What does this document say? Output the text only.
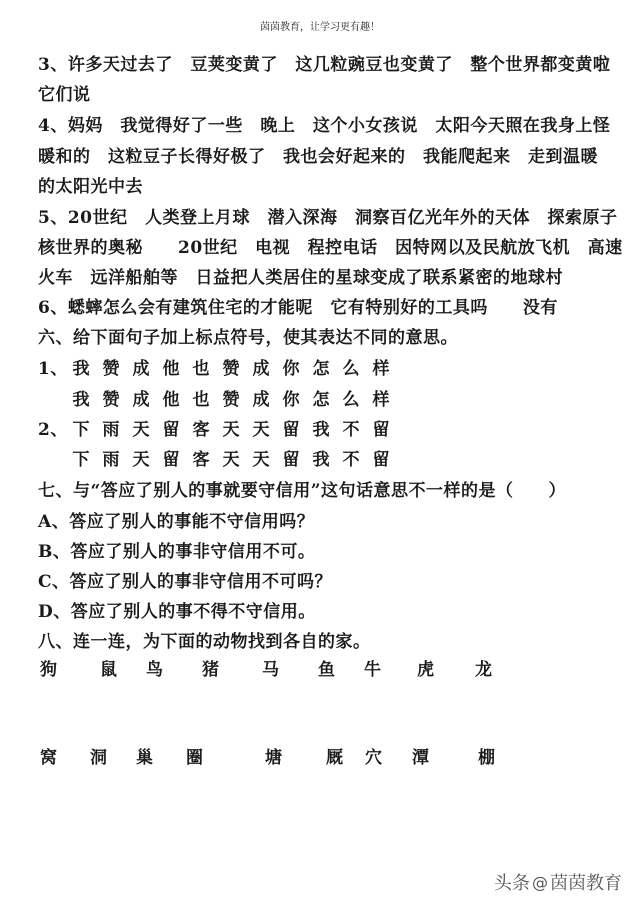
茵茵教育，让学习更有趣！
3、许多天过去了　豆荚变黄了　这几粒豌豆也变黄了　整个世界都变黄啦
它们说
4、妈妈　我觉得好了一些　晚上　这个小女孩说　太阳今天照在我身上怪
暖和的　这粒豆子长得好极了　我也会好起来的　我能爬起来　走到温暖
的太阳光中去
5、20世纪　人类登上月球　潜入深海　洞察百亿光年外的天体　探索原子
核世界的奥秘　　20世纪　电视　程控电话　因特网以及民航放飞机　高速
火车　远洋船舶等　日益把人类居住的星球变成了联系紧密的地球村
6、蟋蟀怎么会有建筑住宅的才能呢　它有特别好的工具吗　　没有
六、给下面句子加上标点符号，使其表达不同的意思。
1、 我 赞 成 他 也 赞 成 你 怎 么 样
我 赞 成 他 也 赞 成 你 怎 么 样
2、 下 雨 天 留 客 天 天 留 我 不 留
下 雨 天 留 客 天 天 留 我 不 留
七、与“答应了别人的事就要守信用”这句话意思不一样的是（　　）
A、答应了别人的事能不守信用吗？
B、答应了别人的事非守信用不可。
C、答应了别人的事非守信用不可吗？
D、答应了别人的事不得不守信用。
八、连一连，为下面的动物找到各自的家。
狗	鼠 鸟 猪	马 鱼 牛 虎 龙
窝 洞 巢 圈	塘	厩 穴 潭	棚
头条 @ 茵茵教育
